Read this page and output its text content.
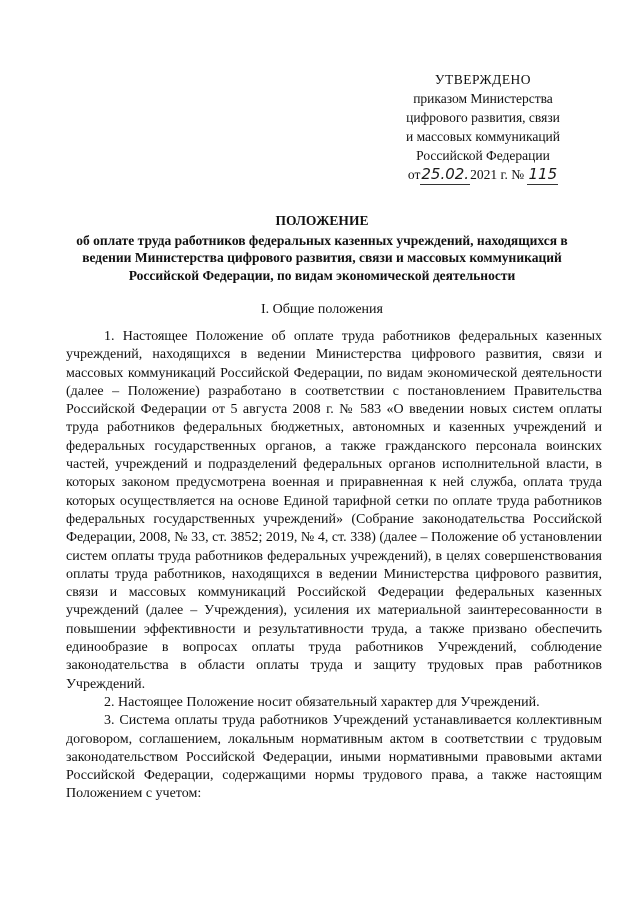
УТВЕРЖДЕНО
приказом Министерства
цифрового развития, связи
и массовых коммуникаций
Российской Федерации
от25.02.2021 г. № 115
ПОЛОЖЕНИЕ
об оплате труда работников федеральных казенных учреждений, находящихся в ведении Министерства цифрового развития, связи и массовых коммуникаций Российской Федерации, по видам экономической деятельности
I. Общие положения

1. Настоящее Положение об оплате труда работников федеральных казенных учреждений, находящихся в ведении Министерства цифрового развития, связи и массовых коммуникаций Российской Федерации, по видам экономической деятельности (далее – Положение) разработано в соответствии с постановлением Правительства Российской Федерации от 5 августа 2008 г. № 583 «О введении новых систем оплаты труда работников федеральных бюджетных, автономных и казенных учреждений и федеральных государственных органов, а также гражданского персонала воинских частей, учреждений и подразделений федеральных органов исполнительной власти, в которых законом предусмотрена военная и приравненная к ней служба, оплата труда которых осуществляется на основе Единой тарифной сетки по оплате труда работников федеральных государственных учреждений» (Собрание законодательства Российской Федерации, 2008, № 33, ст. 3852; 2019, № 4, ст. 338) (далее – Положение об установлении систем оплаты труда работников федеральных учреждений), в целях совершенствования оплаты труда работников, находящихся в ведении Министерства цифрового развития, связи и массовых коммуникаций Российской Федерации федеральных казенных учреждений (далее – Учреждения), усиления их материальной заинтересованности в повышении эффективности и результативности труда, а также призвано обеспечить единообразие в вопросах оплаты труда работников Учреждений, соблюдение законодательства в области оплаты труда и защиту трудовых прав работников Учреждений.

2. Настоящее Положение носит обязательный характер для Учреждений.

3. Система оплаты труда работников Учреждений устанавливается коллективным договором, соглашением, локальным нормативным актом в соответствии с трудовым законодательством Российской Федерации, иными нормативными правовыми актами Российской Федерации, содержащими нормы трудового права, а также настоящим Положением с учетом:
